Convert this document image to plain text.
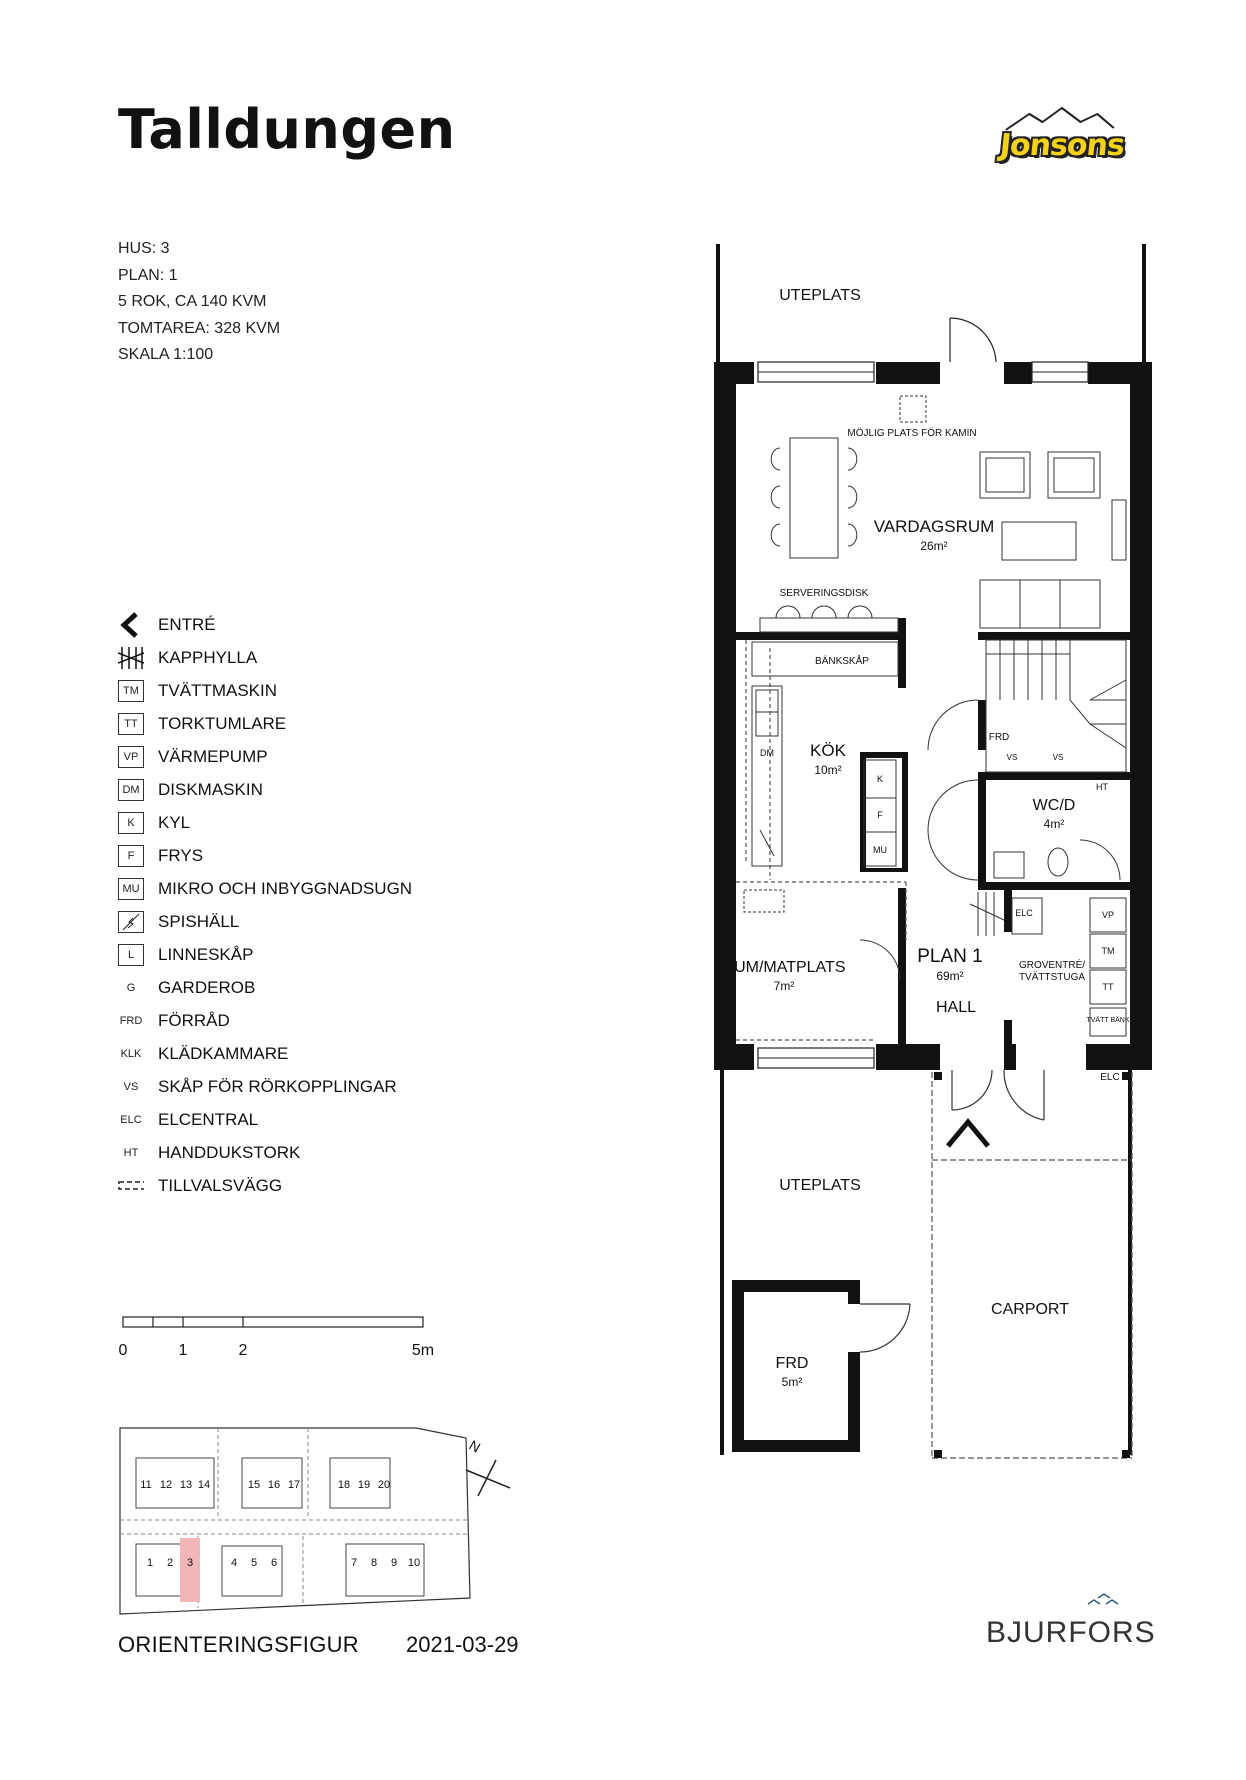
Talldungen	Jonsons
HUS: 3
PLAN: 1
5 ROK, CA 140 KVM
TOMTAREA: 328 KVM
SKALA 1:100
ENTRÉ
KAPPHYLLA
TM TVÄTTMASKIN
TT	TORKTUMLARE
VP	VÄRMEPUMP
DM DISKMASKIN
K	KYL
F	FRYS
MU MIKRO OCH INBYGGNADSUGN
SPISHÄLL
L	LINNESKÅP
G	GARDEROB
FRD FÖRRÅD
KLK KLÄDKAMMARE
VS	SKÅP FÖR RÖRKOPPLINGAR
ELC ELCENTRAL
HT	HANDDUKSTORK
TILLVALSVÄGG
0	1	2	5m
11 12 13 14	15 16 17	18 19 20
1 2 3	4 5 6	7 8 9 10
N
ORIENTERINGSFIGUR 2021-03-29	BJURFORS
UTEPLATS
MÖJLIG PLATS FÖR KAMIN
VARDAGSRUM
26m²
SERVERINGSDISK
BÄNKSKÅP
KÖK
10m²
DM
K
F
MU
FRD
VS	VS
HT
WC/D
4m²
ELC	VP
TM
TT
TVÄTT BÄNK
GROVENTRÉ/
TVÄTTSTUGA
RUM/MATPLATS
7m²
PLAN 1
69m²
HALL
ELC
UTEPLATS
CARPORT
FRD
5m²
